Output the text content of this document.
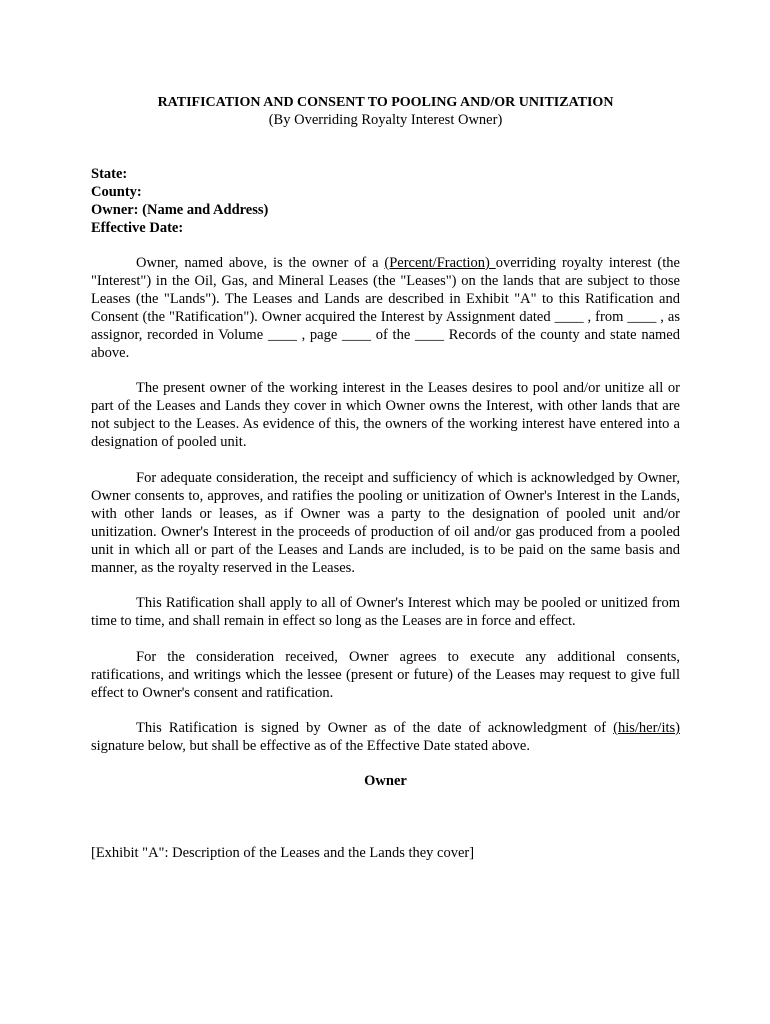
RATIFICATION AND CONSENT TO POOLING AND/OR UNITIZATION
(By Overriding Royalty Interest Owner)
State:
County:
Owner: (Name and Address)
Effective Date:

Owner, named above, is the owner of a (Percent/Fraction) overriding royalty interest (the "Interest") in the Oil, Gas, and Mineral Leases (the "Leases") on the lands that are subject to those Leases (the "Lands"). The Leases and Lands are described in Exhibit "A" to this Ratification and Consent (the "Ratification"). Owner acquired the Interest by Assignment dated ____ , from ____ , as assignor, recorded in Volume ____ , page ____ of the ____ Records of the county and state named above.

The present owner of the working interest in the Leases desires to pool and/or unitize all or part of the Leases and Lands they cover in which Owner owns the Interest, with other lands that are not subject to the Leases. As evidence of this, the owners of the working interest have entered into a designation of pooled unit.

For adequate consideration, the receipt and sufficiency of which is acknowledged by Owner, Owner consents to, approves, and ratifies the pooling or unitization of Owner's Interest in the Lands, with other lands or leases, as if Owner was a party to the designation of pooled unit and/or unitization. Owner's Interest in the proceeds of production of oil and/or gas produced from a pooled unit in which all or part of the Leases and Lands are included, is to be paid on the same basis and manner, as the royalty reserved in the Leases.

This Ratification shall apply to all of Owner's Interest which may be pooled or unitized from time to time, and shall remain in effect so long as the Leases are in force and effect.

For the consideration received, Owner agrees to execute any additional consents, ratifications, and writings which the lessee (present or future) of the Leases may request to give full effect to Owner's consent and ratification.

This Ratification is signed by Owner as of the date of acknowledgment of (his/her/its) signature below, but shall be effective as of the Effective Date stated above.

Owner
[Exhibit "A": Description of the Leases and the Lands they cover]
